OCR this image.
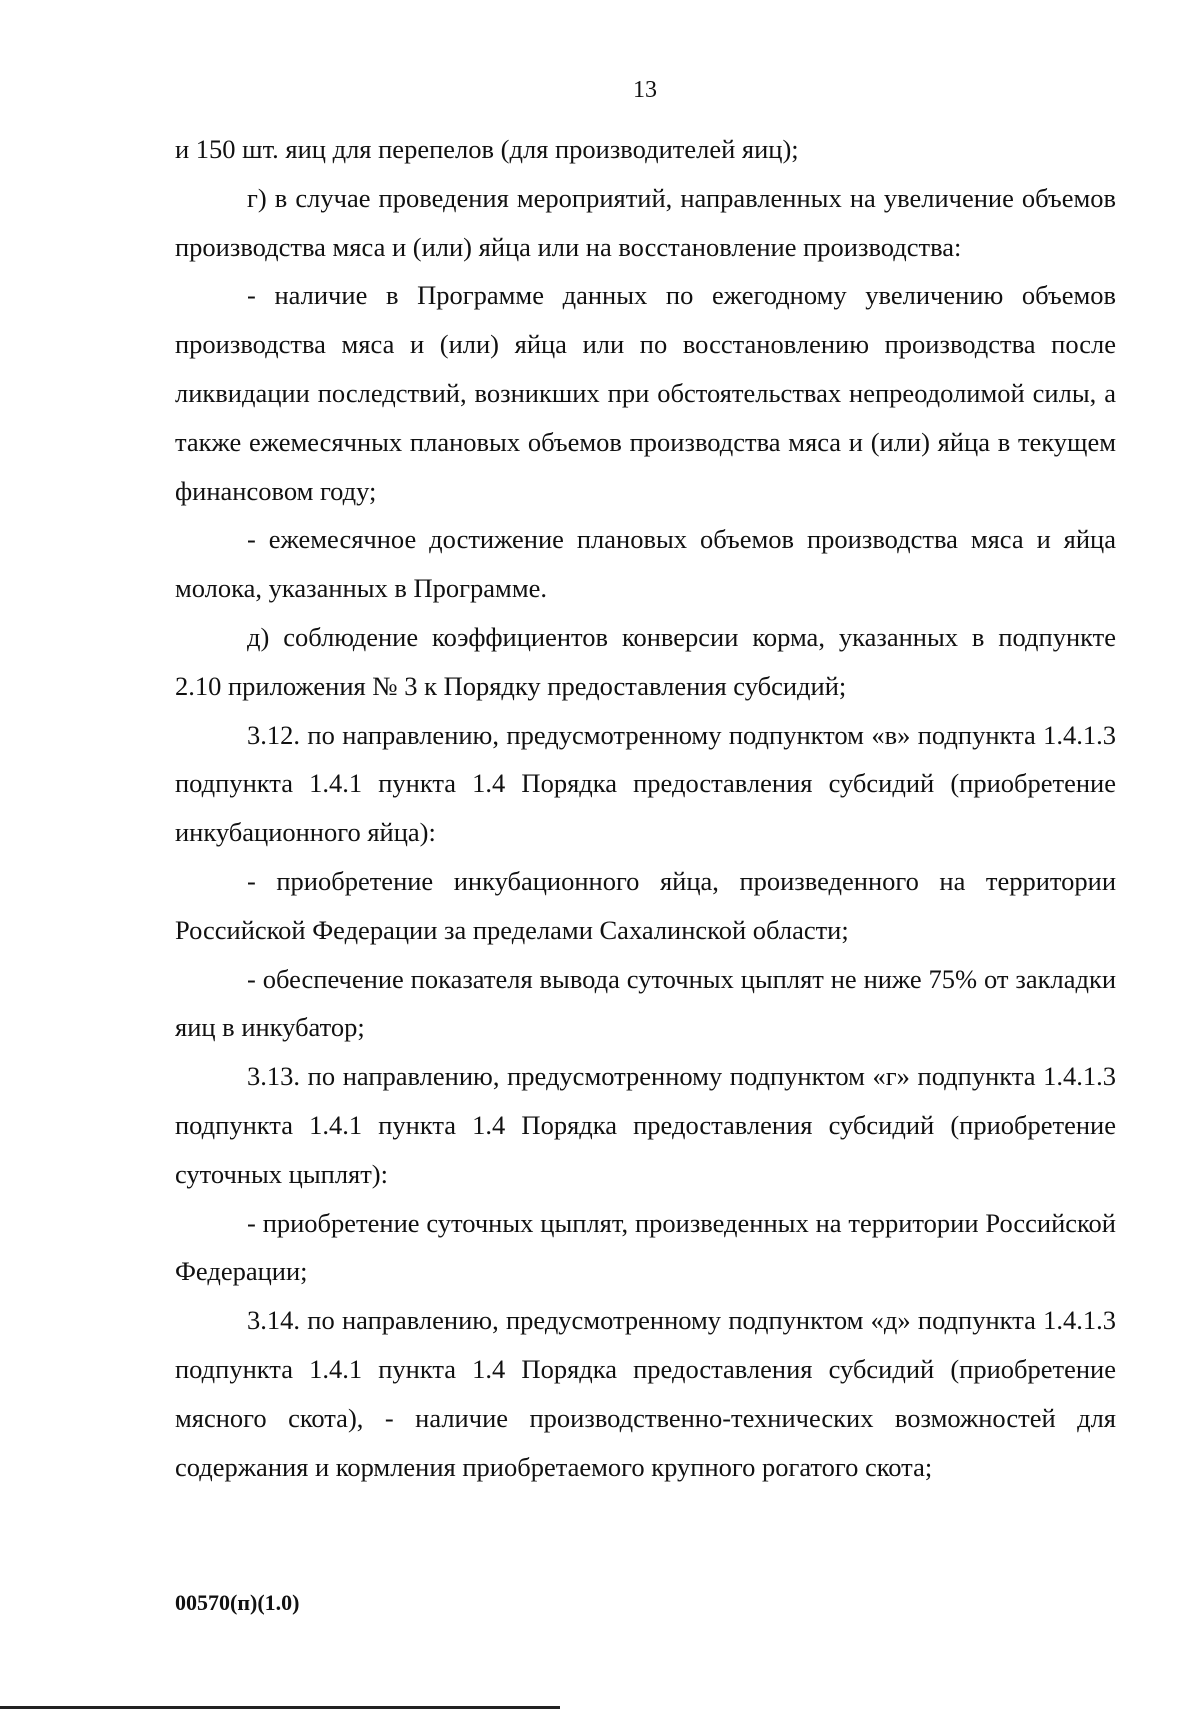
13

и 150 шт. яиц для перепелов (для производителей яиц);

г) в случае проведения мероприятий, направленных на увеличение объемов производства мяса и (или) яйца или на восстановление производства:

- наличие в Программе данных по ежегодному увеличению объемов производства мяса и (или) яйца или по восстановлению производства после ликвидации последствий, возникших при обстоятельствах непреодолимой силы, а также ежемесячных плановых объемов производства мяса и (или) яйца в текущем финансовом году;

- ежемесячное достижение плановых объемов производства мяса и яйца молока, указанных в Программе.

д) соблюдение коэффициентов конверсии корма, указанных в подпункте 2.10 приложения № 3 к Порядку предоставления субсидий;

3.12. по направлению, предусмотренному подпунктом «в» подпункта 1.4.1.3 подпункта 1.4.1 пункта 1.4 Порядка предоставления субсидий (приобретение инкубационного яйца):

- приобретение инкубационного яйца, произведенного на территории Российской Федерации за пределами Сахалинской области;

- обеспечение показателя вывода суточных цыплят не ниже 75% от закладки яиц в инкубатор;

3.13. по направлению, предусмотренному подпунктом «г» подпункта 1.4.1.3 подпункта 1.4.1 пункта 1.4 Порядка предоставления субсидий (приобретение суточных цыплят):

- приобретение суточных цыплят, произведенных на территории Российской Федерации;

3.14. по направлению, предусмотренному подпунктом «д» подпункта 1.4.1.3 подпункта 1.4.1 пункта 1.4 Порядка предоставления субсидий (приобретение мясного скота), - наличие производственно-технических возможностей для содержания и кормления приобретаемого крупного рогатого скота;

00570(п)(1.0)
